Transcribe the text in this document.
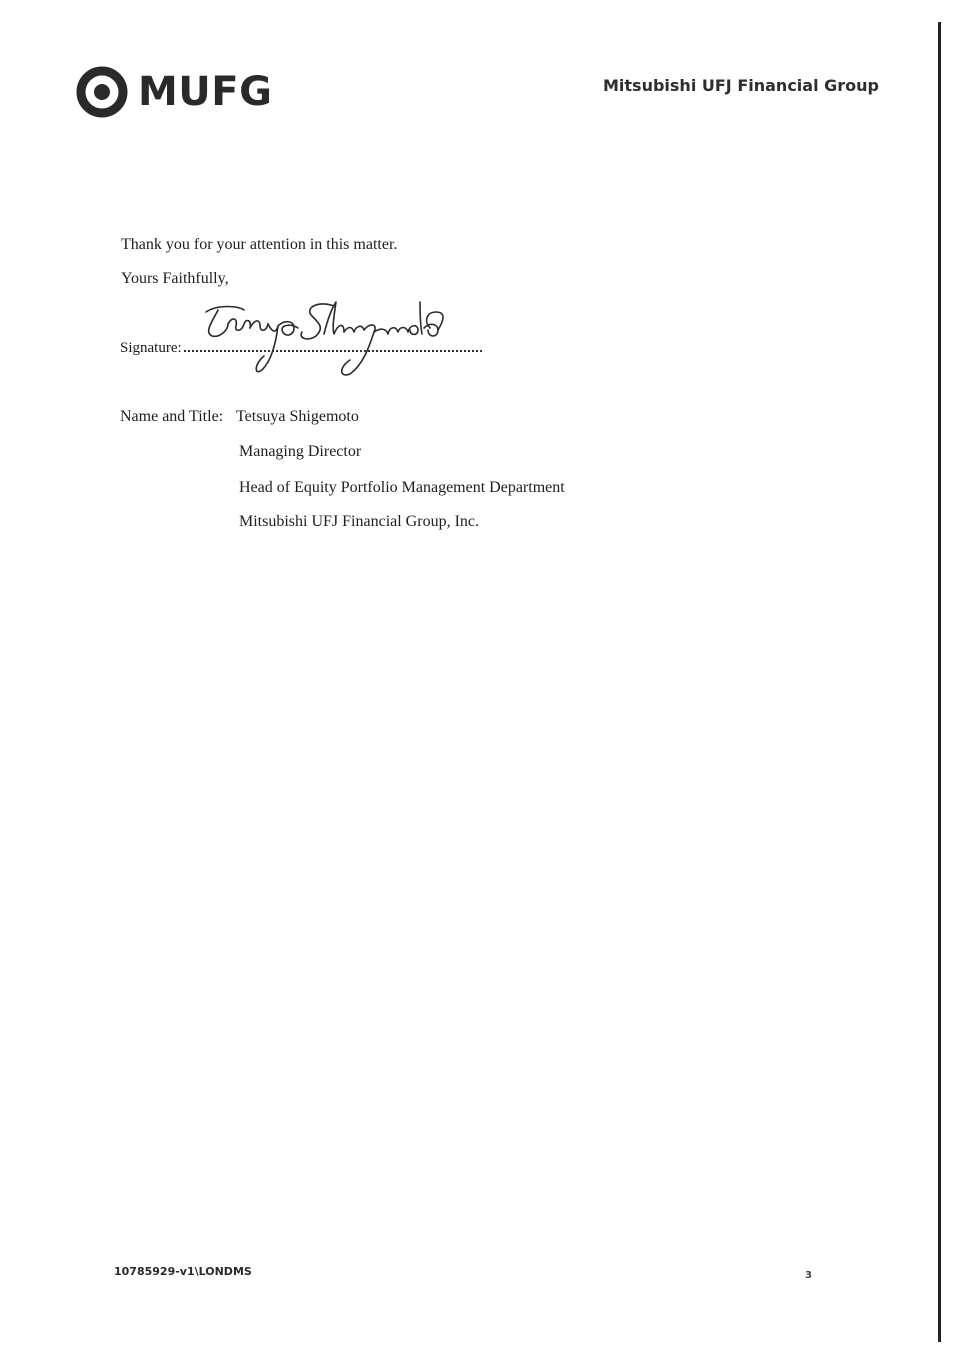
MUFG	Mitsubishi UFJ Financial Group
Thank you for your attention in this matter.
Yours Faithfully,
Signature:
Name and Title: Tetsuya Shigemoto
Managing Director
Head of Equity Portfolio Management Department
Mitsubishi UFJ Financial Group, Inc.
10785929-v1\LONDMS	3
